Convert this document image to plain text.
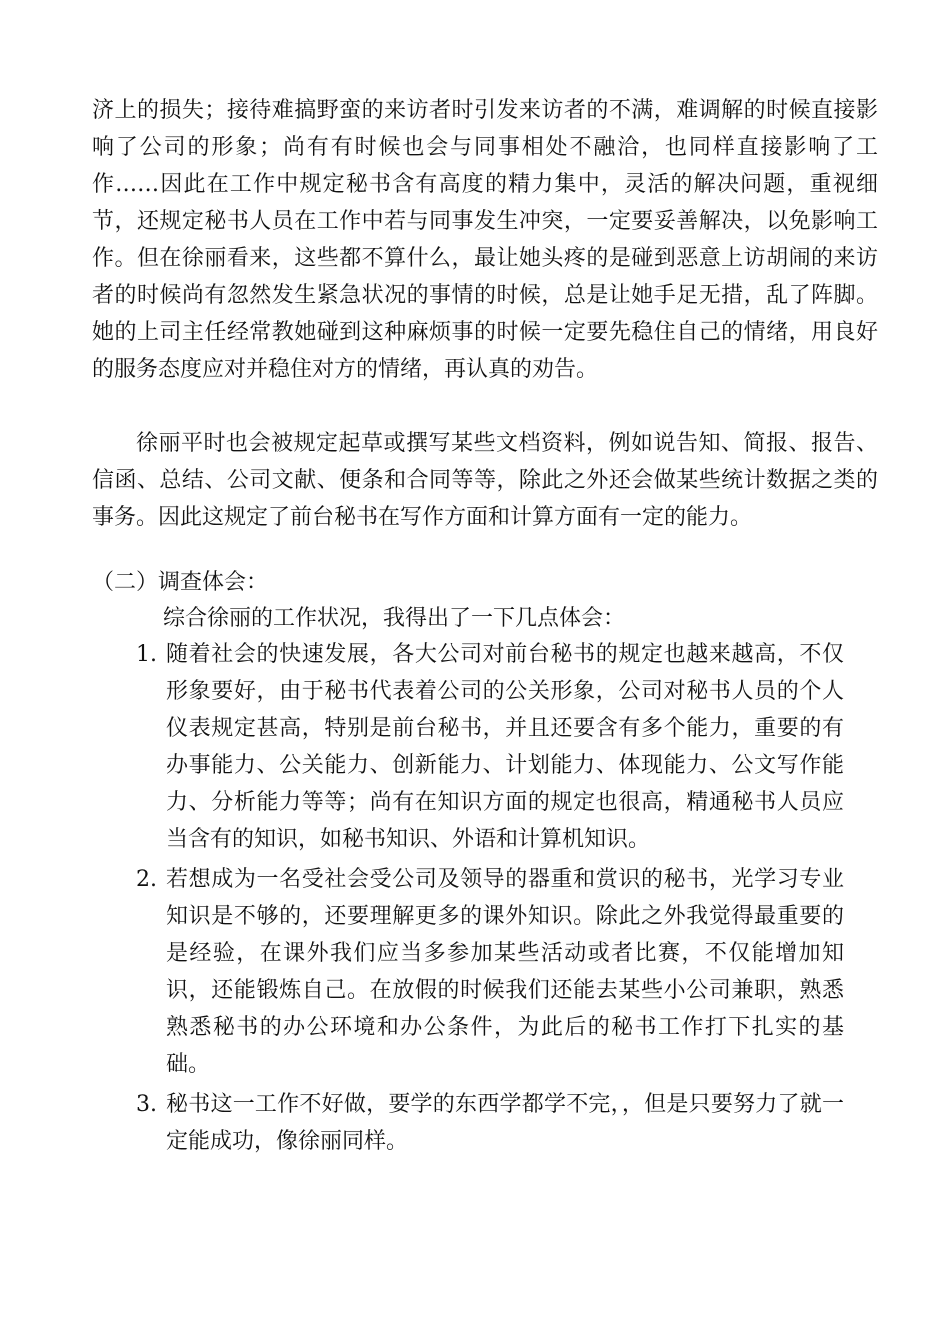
济上的损失；接待难搞野蛮的来访者时引发来访者的不满，难调解的时候直接影响了公司的形象；尚有有时候也会与同事相处不融洽，也同样直接影响了工作……因此在工作中规定秘书含有高度的精力集中，灵活的解决问题，重视细节，还规定秘书人员在工作中若与同事发生冲突，一定要妥善解决，以免影响工作。但在徐丽看来，这些都不算什么，最让她头疼的是碰到恶意上访胡闹的来访者的时候尚有忽然发生紧急状况的事情的时候，总是让她手足无措，乱了阵脚。她的上司主任经常教她碰到这种麻烦事的时候一定要先稳住自己的情绪，用良好的服务态度应对并稳住对方的情绪，再认真的劝告。

徐丽平时也会被规定起草或撰写某些文档资料，例如说告知、简报、报告、信函、总结、公司文献、便条和合同等等，除此之外还会做某些统计数据之类的事务。因此这规定了前台秘书在写作方面和计算方面有一定的能力。

（二）调查体会：
综合徐丽的工作状况，我得出了一下几点体会：
1. 随着社会的快速发展，各大公司对前台秘书的规定也越来越高，不仅形象要好，由于秘书代表着公司的公关形象，公司对秘书人员的个人仪表规定甚高，特别是前台秘书，并且还要含有多个能力，重要的有办事能力、公关能力、创新能力、计划能力、体现能力、公文写作能力、分析能力等等；尚有在知识方面的规定也很高，精通秘书人员应当含有的知识，如秘书知识、外语和计算机知识。
2. 若想成为一名受社会受公司及领导的器重和赏识的秘书，光学习专业知识是不够的，还要理解更多的课外知识。除此之外我觉得最重要的是经验，在课外我们应当多参加某些活动或者比赛，不仅能增加知识，还能锻炼自己。在放假的时候我们还能去某些小公司兼职，熟悉熟悉秘书的办公环境和办公条件，为此后的秘书工作打下扎实的基础。
3. 秘书这一工作不好做，要学的东西学都学不完，，但是只要努力了就一定能成功，像徐丽同样。
